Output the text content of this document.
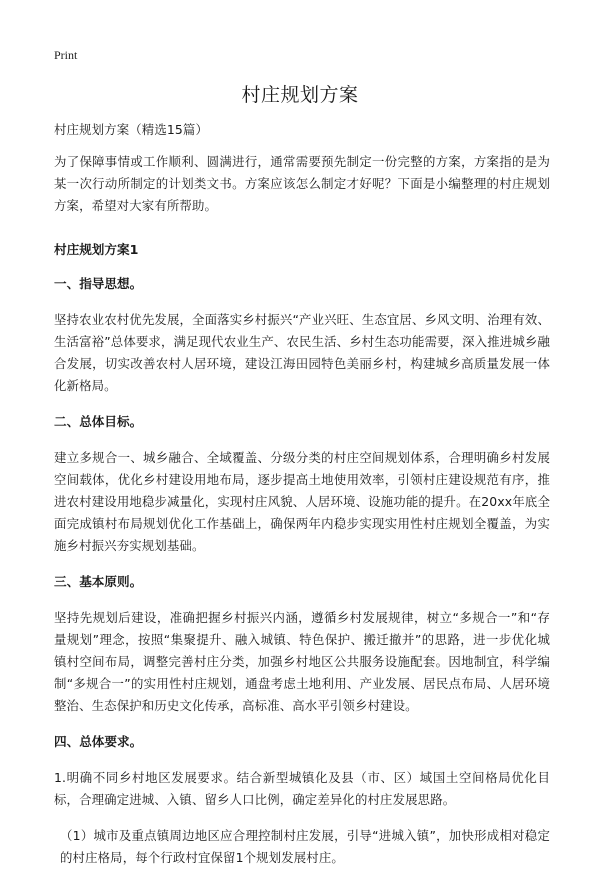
Print
村庄规划方案

村庄规划方案（精选15篇）

为了保障事情或工作顺利、圆满进行，通常需要预先制定一份完整的方案，方案指的是为某一次行动所制定的计划类文书。方案应该怎么制定才好呢？下面是小编整理的村庄规划方案，希望对大家有所帮助。

村庄规划方案1
一、指导思想。

坚持农业农村优先发展，全面落实乡村振兴“产业兴旺、生态宜居、乡风文明、治理有效、生活富裕”总体要求，满足现代农业生产、农民生活、乡村生态功能需要，深入推进城乡融合发展，切实改善农村人居环境，建设江海田园特色美丽乡村，构建城乡高质量发展一体化新格局。

二、总体目标。

建立多规合一、城乡融合、全域覆盖、分级分类的村庄空间规划体系，合理明确乡村发展空间载体，优化乡村建设用地布局，逐步提高土地使用效率，引领村庄建设规范有序，推进农村建设用地稳步减量化，实现村庄风貌、人居环境、设施功能的提升。在20xx年底全面完成镇村布局规划优化工作基础上，确保两年内稳步实现实用性村庄规划全覆盖，为实施乡村振兴夯实规划基础。

三、基本原则。

坚持先规划后建设，准确把握乡村振兴内涵，遵循乡村发展规律，树立“多规合一”和“存量规划”理念，按照“集聚提升、融入城镇、特色保护、搬迁撤并”的思路，进一步优化城镇村空间布局，调整完善村庄分类，加强乡村地区公共服务设施配套。因地制宜，科学编制“多规合一”的实用性村庄规划，通盘考虑土地利用、产业发展、居民点布局、人居环境整治、生态保护和历史文化传承，高标准、高水平引领乡村建设。

四、总体要求。

1.明确不同乡村地区发展要求。结合新型城镇化及县（市、区）域国土空间格局优化目标，合理确定进城、入镇、留乡人口比例，确定差异化的村庄发展思路。

（1）城市及重点镇周边地区应合理控制村庄发展，引导“进城入镇”，加快形成相对稳定的村庄格局，每个行政村宜保留1个规划发展村庄。
